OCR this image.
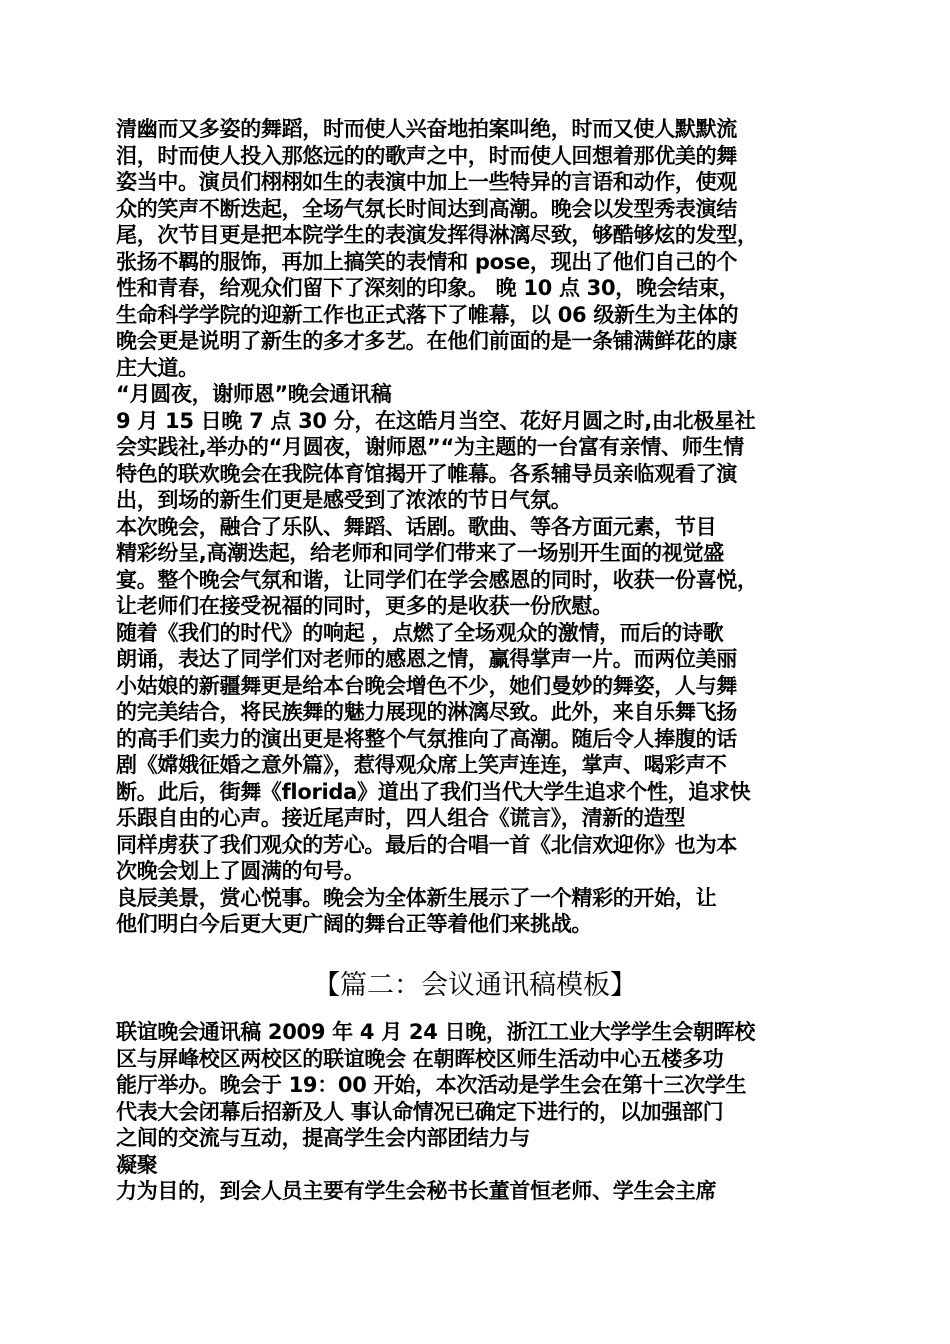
清幽而又多姿的舞蹈，时而使人兴奋地拍案叫绝，时而又使人默默流
泪，时而使人投入那悠远的的歌声之中，时而使人回想着那优美的舞
姿当中。演员们栩栩如生的表演中加上一些特异的言语和动作，使观
众的笑声不断迭起，全场气氛长时间达到高潮。晚会以发型秀表演结
尾，次节目更是把本院学生的表演发挥得淋漓尽致，够酷够炫的发型，
张扬不羁的服饰，再加上搞笑的表情和 pose，现出了他们自己的个
性和青春，给观众们留下了深刻的印象。 晚 10 点 30，晚会结束，
生命科学学院的迎新工作也正式落下了帷幕，以 06 级新生为主体的
晚会更是说明了新生的多才多艺。在他们前面的是一条铺满鲜花的康
庄大道。
“月圆夜，谢师恩”晚会通讯稿
9 月 15 日晚 7 点 30 分，在这皓月当空、花好月圆之时,由北极星社
会实践社,举办的“月圆夜，谢师恩”“为主题的一台富有亲情、师生情
特色的联欢晚会在我院体育馆揭开了帷幕。各系辅导员亲临观看了演
出，到场的新生们更是感受到了浓浓的节日气氛。
本次晚会，融合了乐队、舞蹈、话剧。歌曲、等各方面元素，节目
精彩纷呈,高潮迭起，给老师和同学们带来了一场别开生面的视觉盛
宴。整个晚会气氛和谐，让同学们在学会感恩的同时，收获一份喜悦，
让老师们在接受祝福的同时，更多的是收获一份欣慰。
随着《我们的时代》的响起 ，点燃了全场观众的激情，而后的诗歌
朗诵，表达了同学们对老师的感恩之情，赢得掌声一片。而两位美丽
小姑娘的新疆舞更是给本台晚会增色不少，她们曼妙的舞姿，人与舞
的完美结合，将民族舞的魅力展现的淋漓尽致。此外，来自乐舞飞扬
的高手们卖力的演出更是将整个气氛推向了高潮。随后令人捧腹的话
剧《嫦娥征婚之意外篇》，惹得观众席上笑声连连，掌声、喝彩声不
断。此后，街舞《florida》道出了我们当代大学生追求个性，追求快
乐跟自由的心声。接近尾声时，四人组合《谎言》，清新的造型
同样虏获了我们观众的芳心。最后的合唱一首《北信欢迎你》也为本
次晚会划上了圆满的句号。
良辰美景，赏心悦事。晚会为全体新生展示了一个精彩的开始，让
他们明白今后更大更广阔的舞台正等着他们来挑战。
【篇二：会议通讯稿模板】
联谊晚会通讯稿 2009 年 4 月 24 日晚，浙江工业大学学生会朝晖校
区与屏峰校区两校区的联谊晚会 在朝晖校区师生活动中心五楼多功
能厅举办。晚会于 19：00 开始，本次活动是学生会在第十三次学生
代表大会闭幕后招新及人 事认命情况已确定下进行的，以加强部门
之间的交流与互动，提高学生会内部团结力与
凝聚
力为目的，到会人员主要有学生会秘书长董首恒老师、学生会主席
